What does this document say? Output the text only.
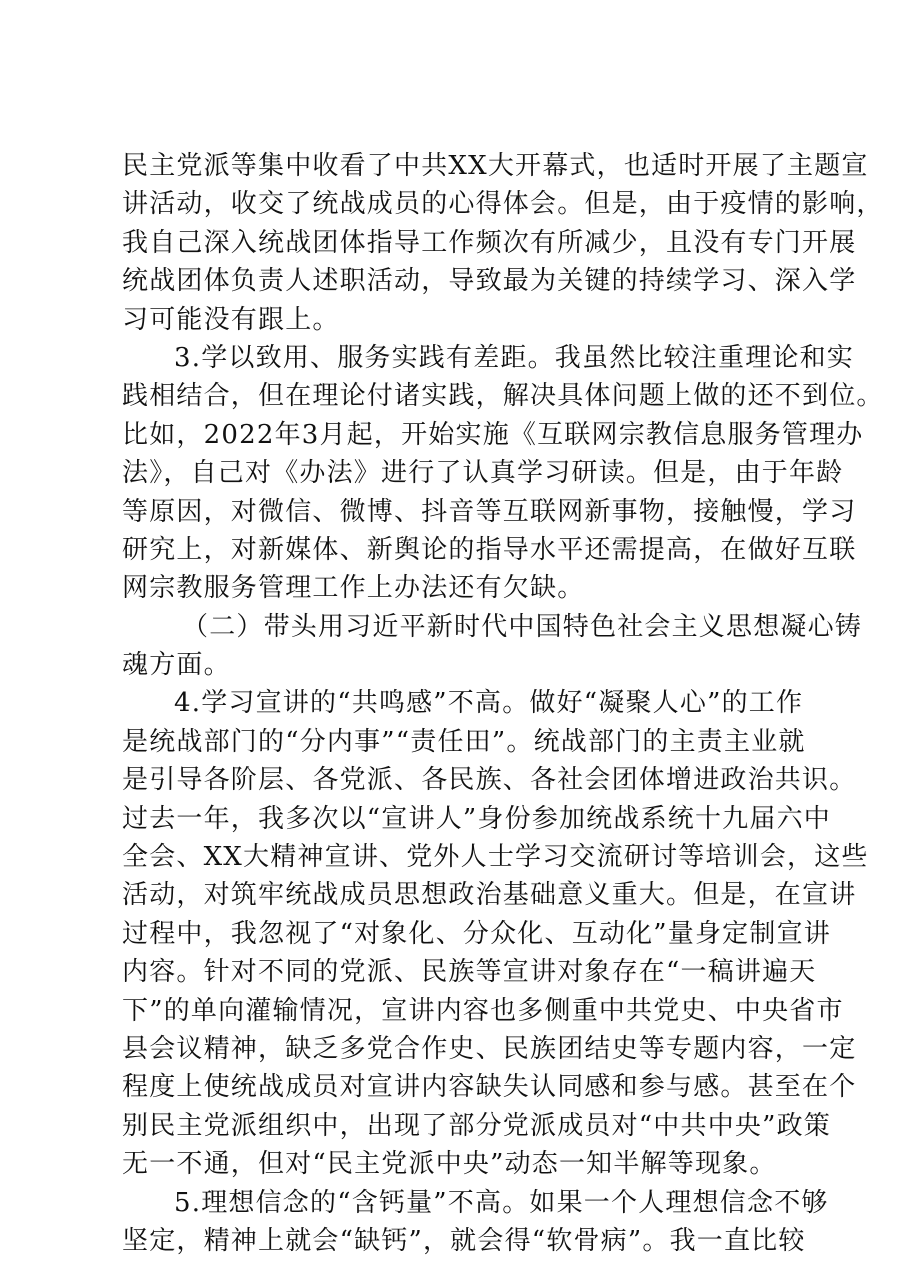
民主党派等集中收看了中共XX大开幕式，也适时开展了主题宣
讲活动，收交了统战成员的心得体会。但是，由于疫情的影响，
我自己深入统战团体指导工作频次有所减少，且没有专门开展
统战团体负责人述职活动，导致最为关键的持续学习、深入学
习可能没有跟上。
3.学以致用、服务实践有差距。我虽然比较注重理论和实
践相结合，但在理论付诸实践，解决具体问题上做的还不到位。
比如，2022年3月起，开始实施《互联网宗教信息服务管理办
法》，自己对《办法》进行了认真学习研读。但是，由于年龄
等原因，对微信、微博、抖音等互联网新事物，接触慢，学习
研究上，对新媒体、新舆论的指导水平还需提高，在做好互联
网宗教服务管理工作上办法还有欠缺。
（二）带头用习近平新时代中国特色社会主义思想凝心铸
魂方面。
4.学习宣讲的“共鸣感”不高。做好“凝聚人心”的工作
是统战部门的“分内事”“责任田”。统战部门的主责主业就
是引导各阶层、各党派、各民族、各社会团体增进政治共识。
过去一年，我多次以“宣讲人”身份参加统战系统十九届六中
全会、XX大精神宣讲、党外人士学习交流研讨等培训会，这些
活动，对筑牢统战成员思想政治基础意义重大。但是，在宣讲
过程中，我忽视了“对象化、分众化、互动化”量身定制宣讲
内容。针对不同的党派、民族等宣讲对象存在“一稿讲遍天
下”的单向灌输情况，宣讲内容也多侧重中共党史、中央省市
县会议精神，缺乏多党合作史、民族团结史等专题内容，一定
程度上使统战成员对宣讲内容缺失认同感和参与感。甚至在个
别民主党派组织中，出现了部分党派成员对“中共中央”政策
无一不通，但对“民主党派中央”动态一知半解等现象。
5.理想信念的“含钙量”不高。如果一个人理想信念不够
坚定，精神上就会“缺钙”，就会得“软骨病”。我一直比较
